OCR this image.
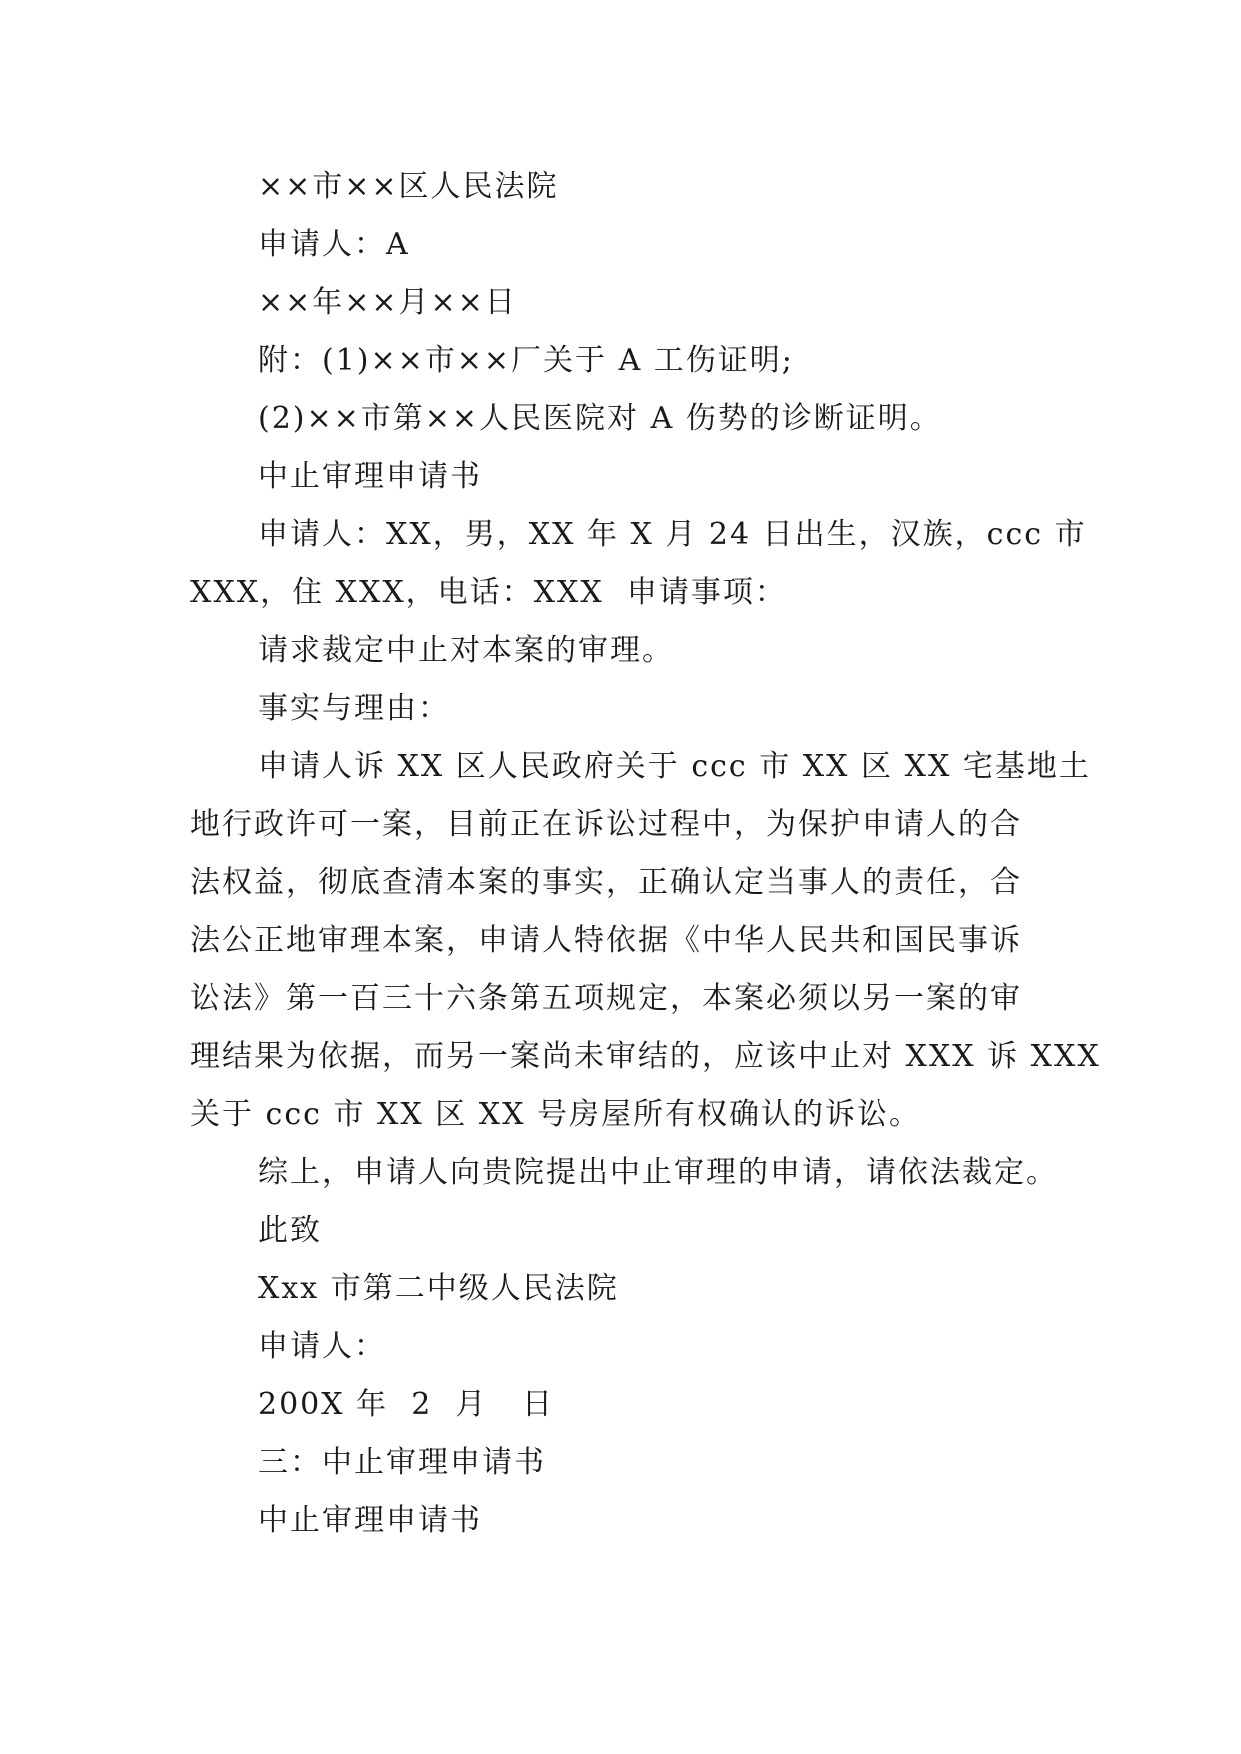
××市××区人民法院
申请人：A
××年××月××日
附：(1)××市××厂关于 A 工伤证明;
(2)××市第××人民医院对 A 伤势的诊断证明。
中止审理申请书
申请人：XX，男，XX 年 X 月 24 日出生，汉族，ccc 市
XXX，住 XXX，电话：XXX  申请事项：
请求裁定中止对本案的审理。
事实与理由：
申请人诉 XX 区人民政府关于 ccc 市 XX 区 XX 宅基地土
地行政许可一案，目前正在诉讼过程中，为保护申请人的合
法权益，彻底查清本案的事实，正确认定当事人的责任，合
法公正地审理本案，申请人特依据《中华人民共和国民事诉
讼法》第一百三十六条第五项规定，本案必须以另一案的审
理结果为依据，而另一案尚未审结的，应该中止对 XXX 诉 XXX
关于 ccc 市 XX 区 XX 号房屋所有权确认的诉讼。
综上，申请人向贵院提出中止审理的申请，请依法裁定。
此致
Xxx 市第二中级人民法院
申请人：
200X 年  2  月   日
三：中止审理申请书
中止审理申请书
